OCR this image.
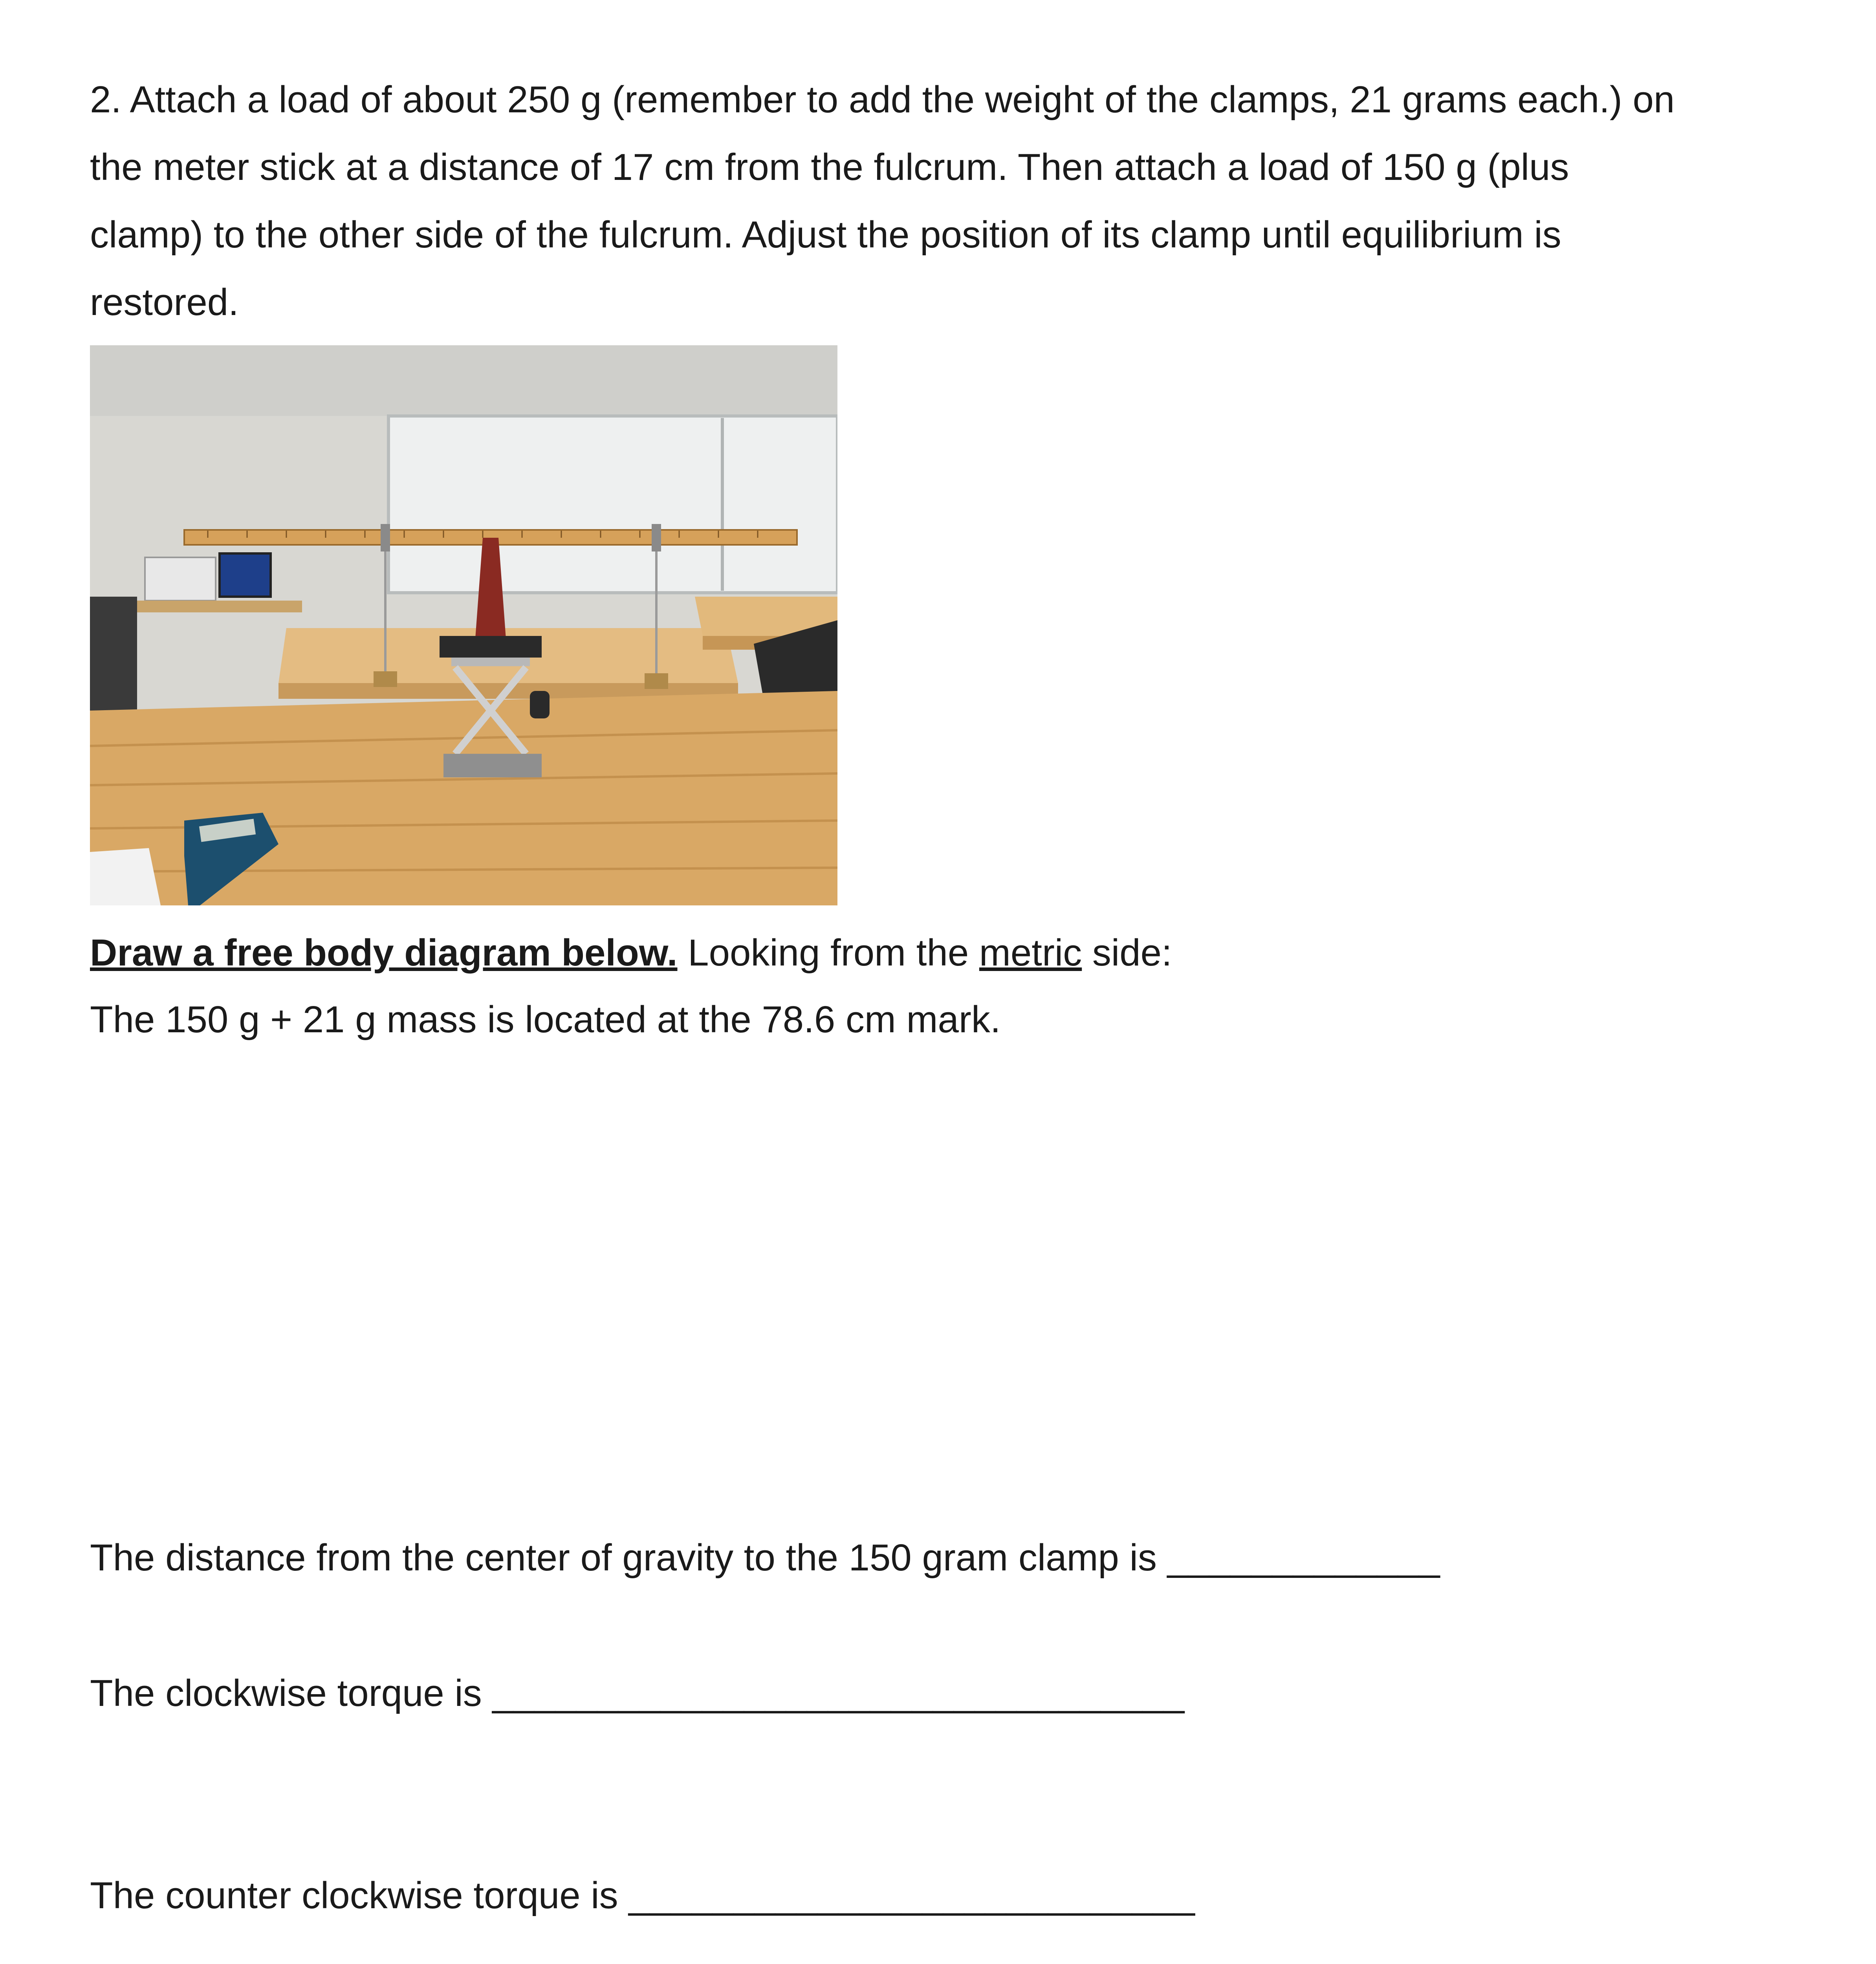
2. Attach a load of about 250 g (remember to add the weight of the clamps, 21 grams each.) on
the meter stick at a distance of 17 cm from the fulcrum. Then attach a load of 150 g (plus
clamp) to the other side of the fulcrum. Adjust the position of its clamp until equilibrium is
restored.
Draw a free body diagram below. Looking from the metric side:
The 150 g + 21 g mass is located at the 78.6 cm mark.
The distance from the center of gravity to the 150 gram clamp is _____________
The clockwise torque is _________________________________
The counter clockwise torque is ___________________________
